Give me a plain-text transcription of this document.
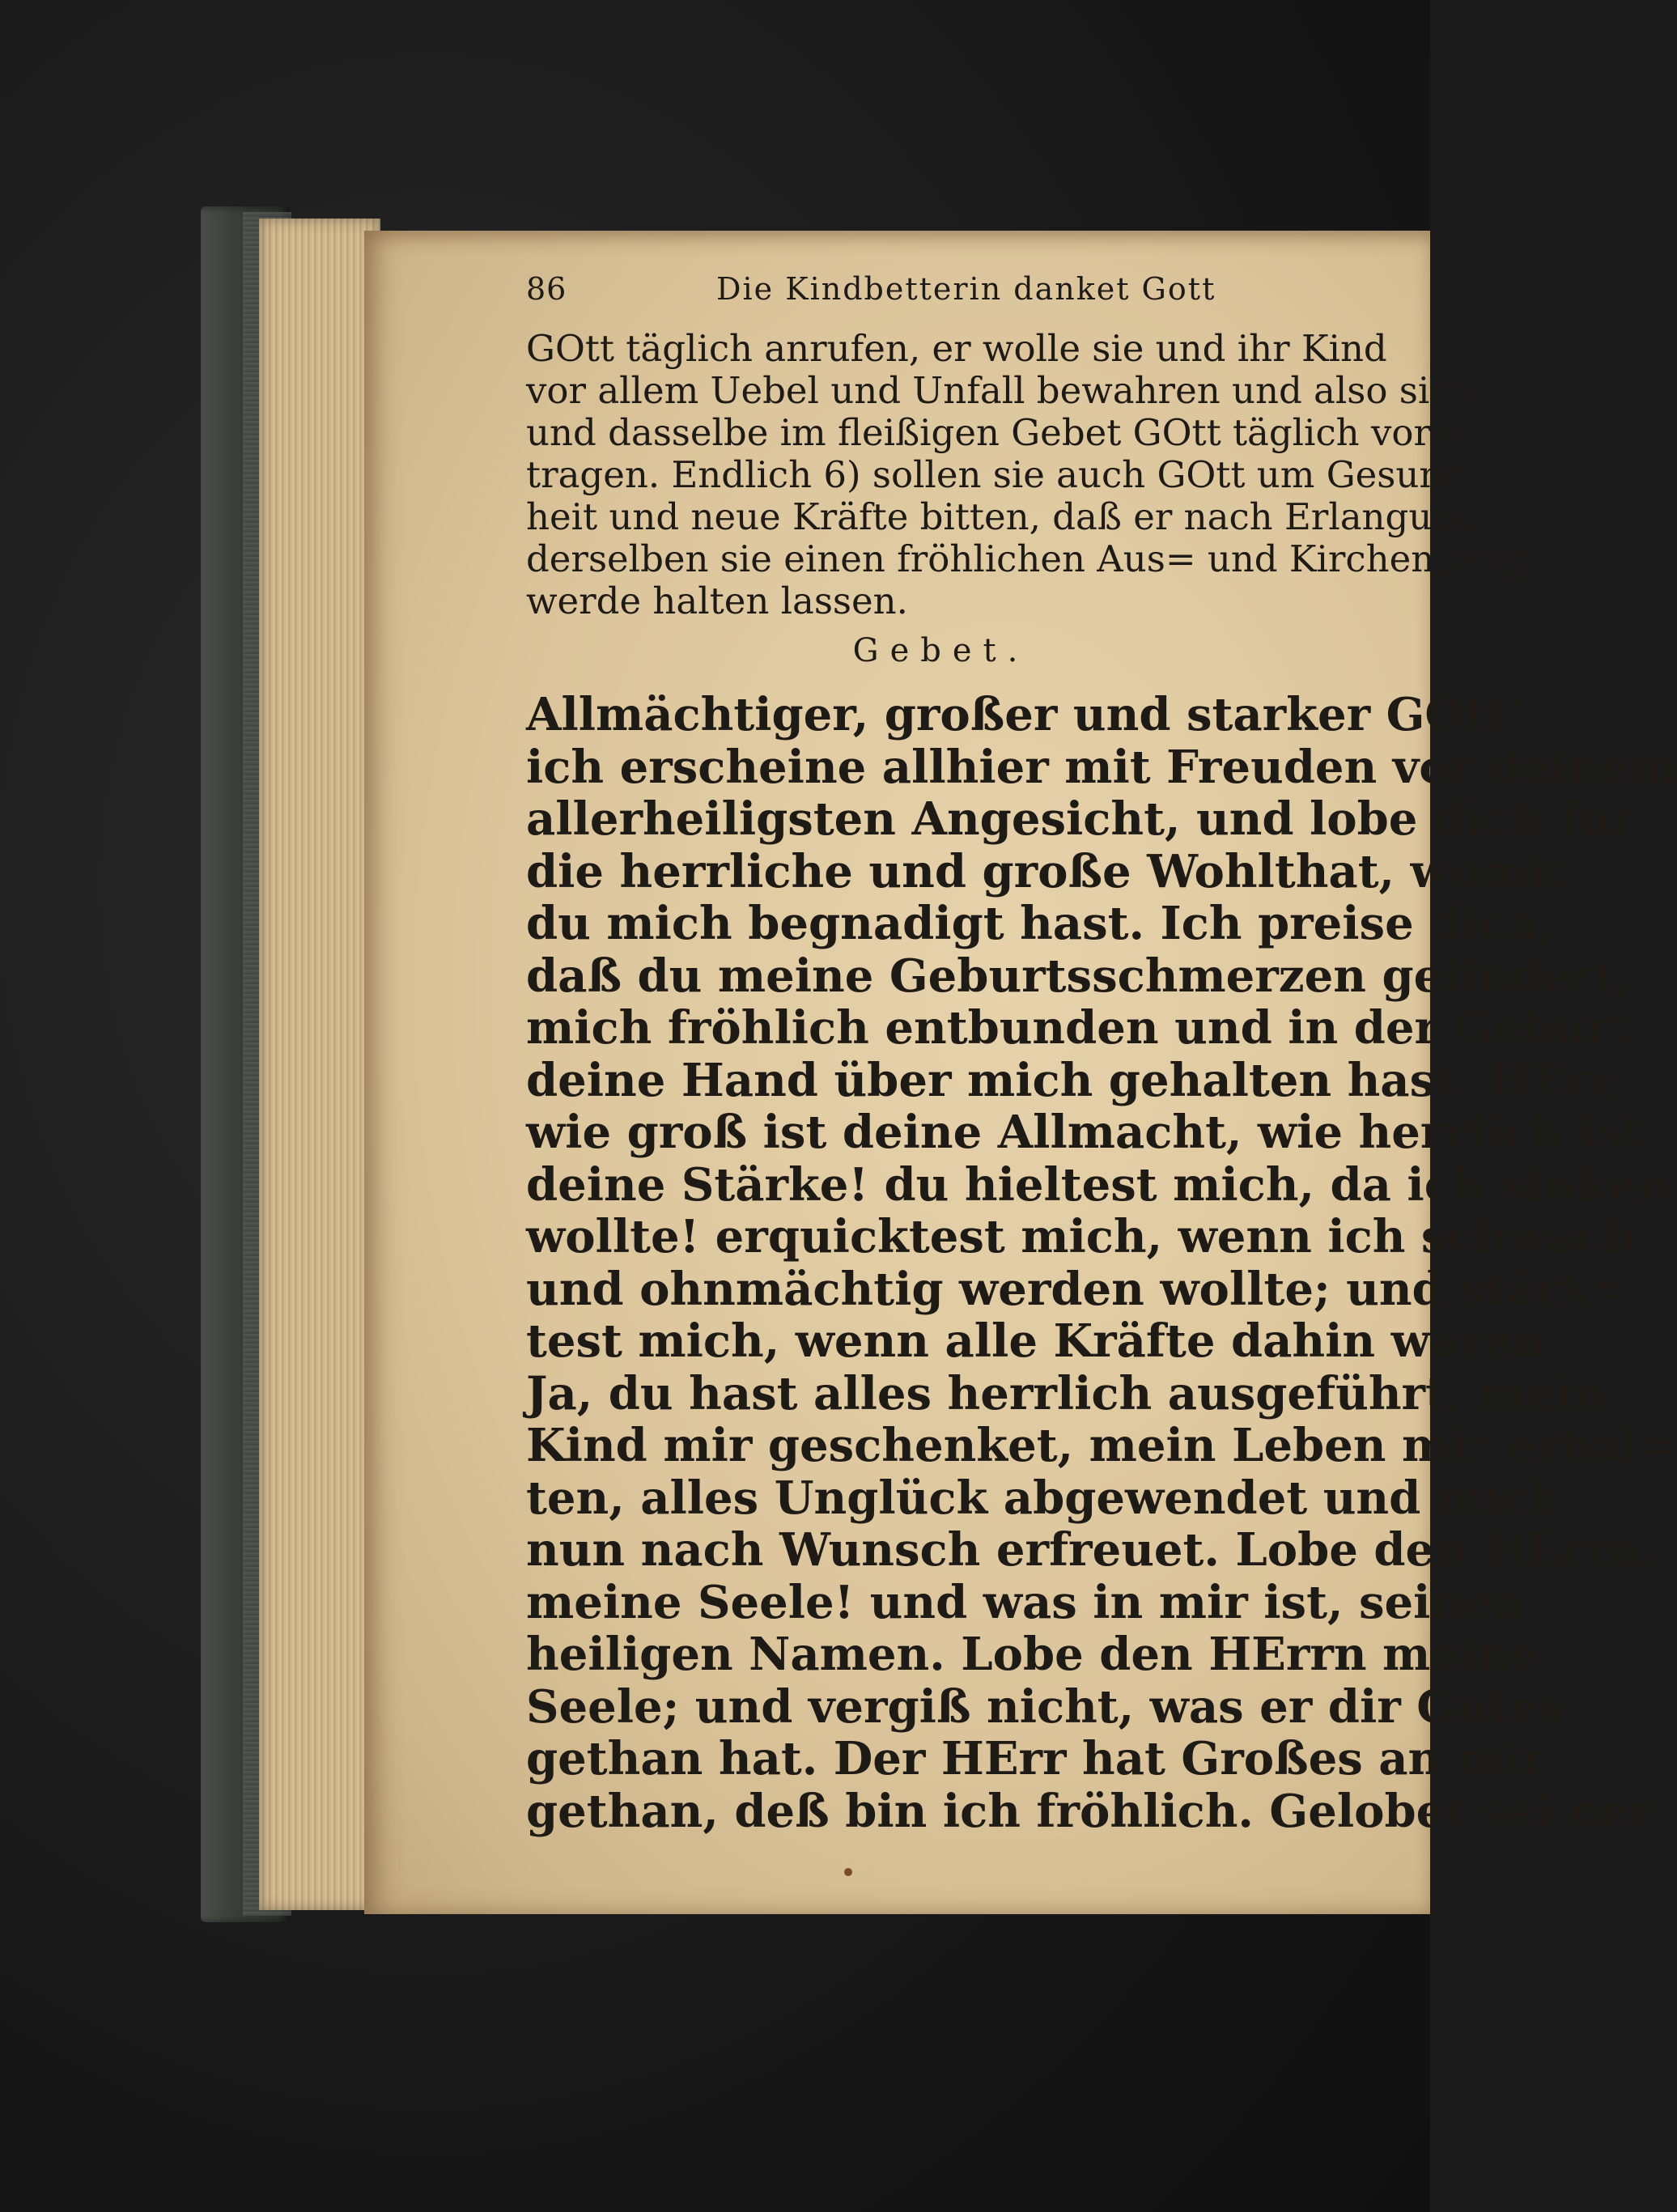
86	Die Kindbetterin danket Gott
GOtt täglich anrufen, er wolle sie und ihr Kind
vor allem Uebel und Unfall bewahren und also sich
und dasselbe im fleißigen Gebet GOtt täglich vor=
tragen. Endlich 6) sollen sie auch GOtt um Gesund=
heit und neue Kräfte bitten, daß er nach Erlangung
derselben sie einen fröhlichen Aus= und Kirchengang
werde halten lassen.
Gebet.
Allmächtiger, großer und starker GOtt!
ich erscheine allhier mit Freuden vor deinem
allerheiligsten Angesicht, und lobe dich für
die herrliche und große Wohlthat, womit
du mich begnadigt hast. Ich preise dich,
daß du meine Geburtsschmerzen gelindert,
mich fröhlich entbunden und in der Geburt
deine Hand über mich gehalten hast. HErr,
wie groß ist deine Allmacht, wie herrlich ist
deine Stärke! du hieltest mich, da ich sinken
wollte! erquicktest mich, wenn ich schwach
und ohnmächtig werden wollte; und stärk=
test mich, wenn alle Kräfte dahin waren.
Ja, du hast alles herrlich ausgeführt, mein
Kind mir geschenket, mein Leben mir erhal=
ten, alles Unglück abgewendet und mich
nun nach Wunsch erfreuet. Lobe den HErrn,
meine Seele! und was in mir ist, seinen
heiligen Namen. Lobe den HErrn meine
Seele; und vergiß nicht, was er dir Gutes
gethan hat. Der HErr hat Großes an mir
gethan, deß bin ich fröhlich. Gelobet sei der
